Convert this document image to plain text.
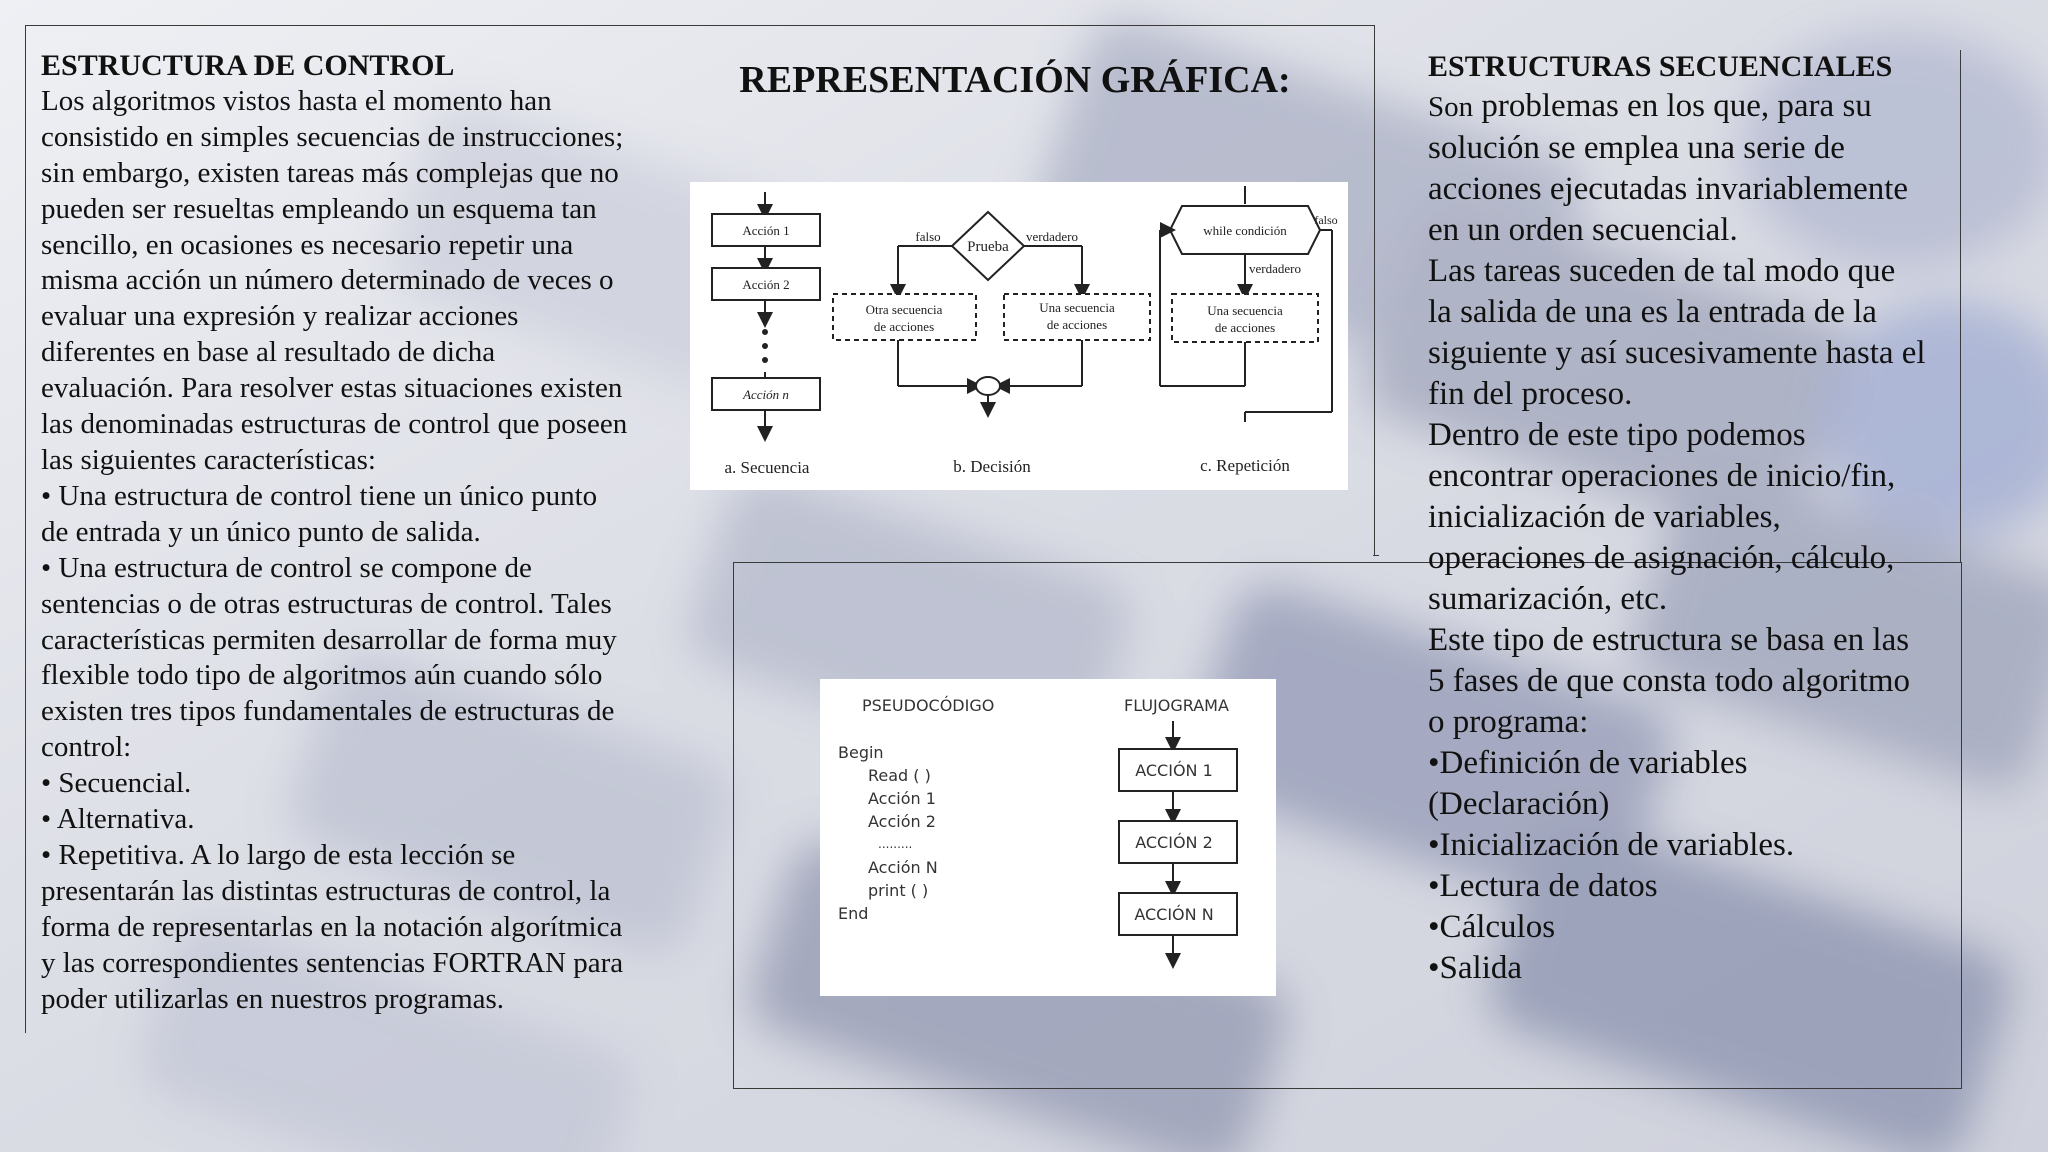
ESTRUCTURA DE CONTROL

Los algoritmos vistos hasta el momento han

consistido en simples secuencias de instrucciones;

sin embargo, existen tareas más complejas que no

pueden ser resueltas empleando un esquema tan

sencillo, en ocasiones es necesario repetir una

misma acción un número determinado de veces o

evaluar una expresión y realizar acciones

diferentes en base al resultado de dicha

evaluación. Para resolver estas situaciones existen

las denominadas estructuras de control que poseen

las siguientes características:

• Una estructura de control tiene un único punto

de entrada y un único punto de salida.

• Una estructura de control se compone de

sentencias o de otras estructuras de control. Tales

características permiten desarrollar de forma muy

flexible todo tipo de algoritmos aún cuando sólo

existen tres tipos fundamentales de estructuras de

control:

• Secuencial.

• Alternativa.

• Repetitiva. A lo largo de esta lección se

presentarán las distintas estructuras de control, la

forma de representarlas en la notación algorítmica

y las correspondientes sentencias FORTRAN para

poder utilizarlas en nuestros programas.

REPRESENTACIÓN GRÁFICA:
Acción 1
Acción 2
Acción n
falso	verdadero
Prueba
Otra secuencia
de acciones
Una secuencia
de acciones
while condición
falso
verdadero
Una secuencia
de acciones
a. Secuencia	b. Decisión	c. Repetición
PSEUDOCÓDIGO	FLUJOGRAMA
Begin
Read ( )
Acción 1
Acción 2
.........
Acción N
print ( )
End
ACCIÓN 1
ACCIÓN 2
ACCIÓN N

ESTRUCTURAS SECUENCIALES

Son problemas en los que, para su

solución se emplea una serie de

acciones ejecutadas invariablemente

en un orden secuencial.

Las tareas suceden de tal modo que

la salida de una es la entrada de la

siguiente y así sucesivamente hasta el

fin del proceso.

Dentro de este tipo podemos

encontrar operaciones de inicio/fin,

inicialización de variables,

operaciones de asignación, cálculo,

sumarización, etc.

Este tipo de estructura se basa en las

5 fases de que consta todo algoritmo

o programa:

•Definición de variables

(Declaración)

•Inicialización de variables.

•Lectura de datos

•Cálculos

•Salida
